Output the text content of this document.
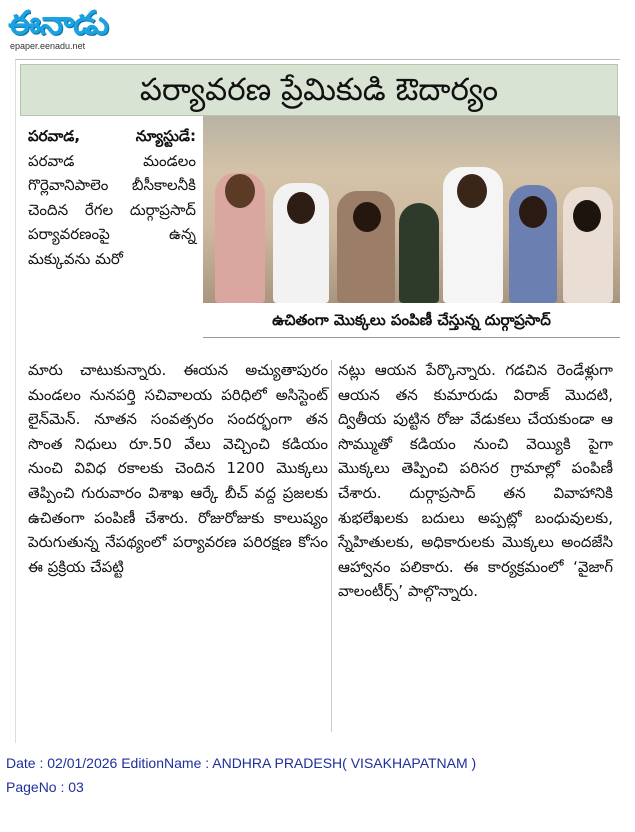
ఈనాడు
epaper.eenadu.net
పర్యావరణ ప్రేమికుడి ఔదార్యం

పరవాడ, న్యూస్టుడే: పరవాడ మండలం గొర్లెవానిపాలెం బీసీకాలనీకి చెందిన రేగల దుర్గాప్రసాద్ పర్యావరణంపై ఉన్న మక్కువను మరో

ఉచితంగా మొక్కలు పంపిణీ చేస్తున్న దుర్గాప్రసాద్

మారు చాటుకున్నారు. ఈయన అచ్యుతాపురం మండలం నునపర్తి సచివాలయ పరిధిలో అసిస్టెంట్ లైన్‌మెన్. నూతన సంవత్సరం సందర్భంగా తన సొంత నిధులు రూ.50 వేలు వెచ్చించి కడియం నుంచి వివిధ రకాలకు చెందిన 1200 మొక్కలు తెప్పించి గురువారం విశాఖ ఆర్కే బీచ్ వద్ద ప్రజలకు ఉచితంగా పంపిణీ చేశారు. రోజురోజుకు కాలుష్యం పెరుగుతున్న నేపథ్యంలో పర్యావరణ పరిరక్షణ కోసం ఈ ప్రక్రియ చేపట్టి

నట్లు ఆయన పేర్కొన్నారు. గడచిన రెండేళ్లుగా ఆయన తన కుమారుడు విరాజ్ మొదటి, ద్వితీయ పుట్టిన రోజు వేడుకలు చేయకుండా ఆ సొమ్ముతో కడియం నుంచి వెయ్యికి పైగా మొక్కలు తెప్పించి పరిసర గ్రామాల్లో పంపిణీ చేశారు. దుర్గాప్రసాద్ తన వివాహానికి శుభలేఖలకు బదులు అప్పట్లో బంధువులకు, స్నేహితులకు, అధికారులకు మొక్కలు అందజేసి ఆహ్వానం పలికారు. ఈ కార్యక్రమంలో ‘వైజాగ్ వాలంటీర్స్’ పాల్గొన్నారు.

Date : 02/01/2026 EditionName : ANDHRA PRADESH( VISAKHAPATNAM )
PageNo : 03
